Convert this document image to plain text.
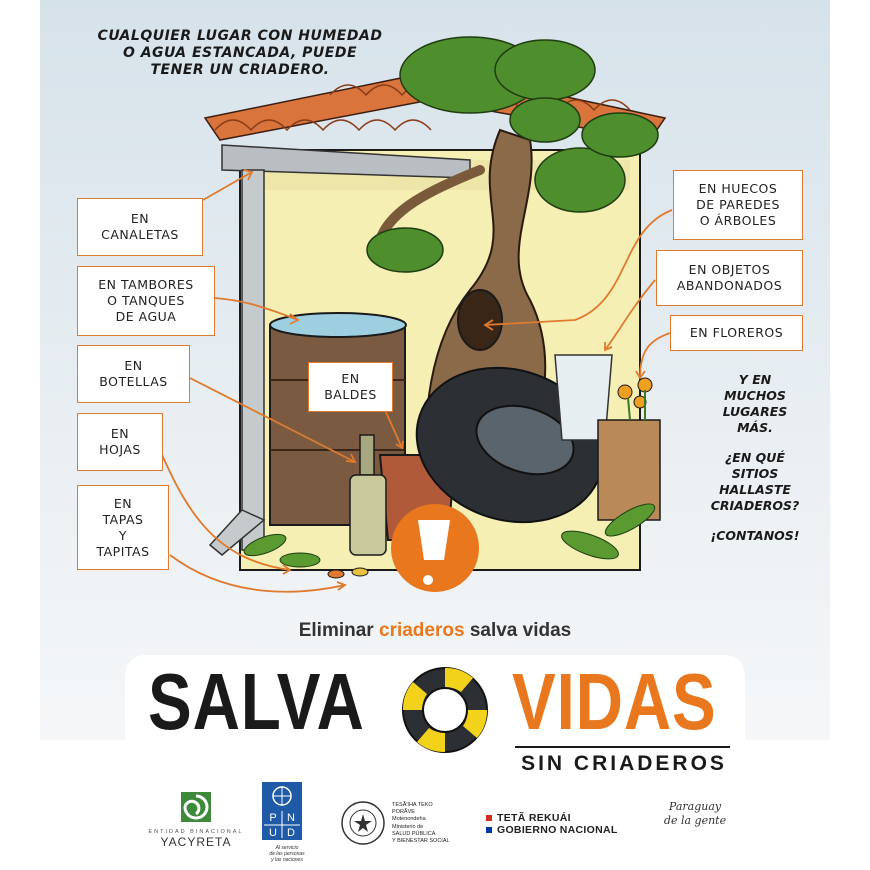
CUALQUIER LUGAR CON HUMEDAD
O AGUA ESTANCADA, PUEDE
TENER UN CRIADERO.
EN
CANALETAS
EN TAMBORES
O TANQUES
DE AGUA
EN
BOTELLAS
EN
HOJAS
EN
TAPAS
Y
TAPITAS
EN
BALDES
EN HUECOS
DE PAREDES
O ÁRBOLES
EN OBJETOS
ABANDONADOS
EN FLOREROS
Y EN
MUCHOS
LUGARES
MÁS.
¿EN QUÉ
SITIOS
HALLASTE
CRIADEROS?
¡CONTANOS!
Eliminar criaderos salva vidas
SALVA VIDAS
SIN CRIADEROS
ENTIDAD BINACIONAL
YACYRETA
P N
U D
Al servicio
de las personas
y las naciones
TESÃ'IHA TEKO
PORÃVE
Motenondeha
Ministerio de
SALUD PÚBLICA
Y BIENESTAR SOCIAL
TETÃ REKUÁI
GOBIERNO NACIONAL
Paraguay
de la gente
